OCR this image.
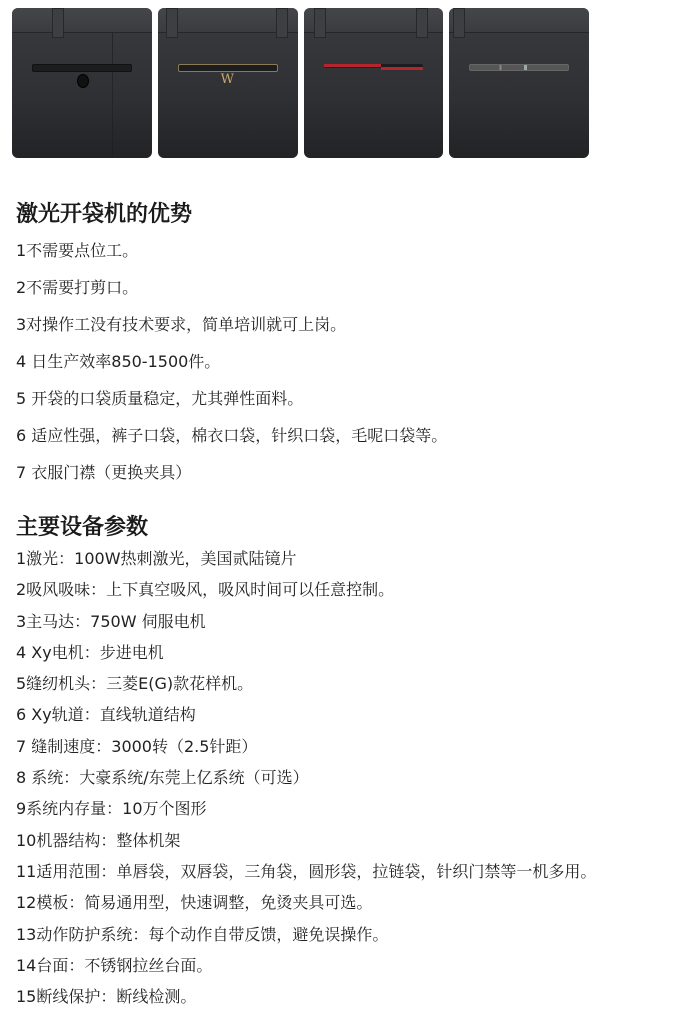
W
激光开袋机的优势
1不需要点位工。
2不需要打剪口。
3对操作工没有技术要求，简单培训就可上岗。
4 日生产效率850-1500件。
5 开袋的口袋质量稳定，尤其弹性面料。
6 适应性强，裤子口袋，棉衣口袋，针织口袋，毛呢口袋等。
7 衣服门襟（更换夹具）
主要设备参数
1激光：100W热刺激光，美国贰陆镜片
2吸风吸味：上下真空吸风，吸风时间可以任意控制。
3主马达：750W 伺服电机
4 Xy电机：步进电机
5缝纫机头：三菱E(G)款花样机。
6 Xy轨道：直线轨道结构
7 缝制速度：3000转（2.5针距）
8 系统：大豪系统/东莞上亿系统（可选）
9系统内存量：10万个图形
10机器结构：整体机架
11适用范围：单唇袋，双唇袋，三角袋，圆形袋，拉链袋，针织门禁等一机多用。
12模板：简易通用型，快速调整，免烫夹具可选。
13动作防护系统：每个动作自带反馈，避免误操作。
14台面：不锈钢拉丝台面。
15断线保护：断线检测。
